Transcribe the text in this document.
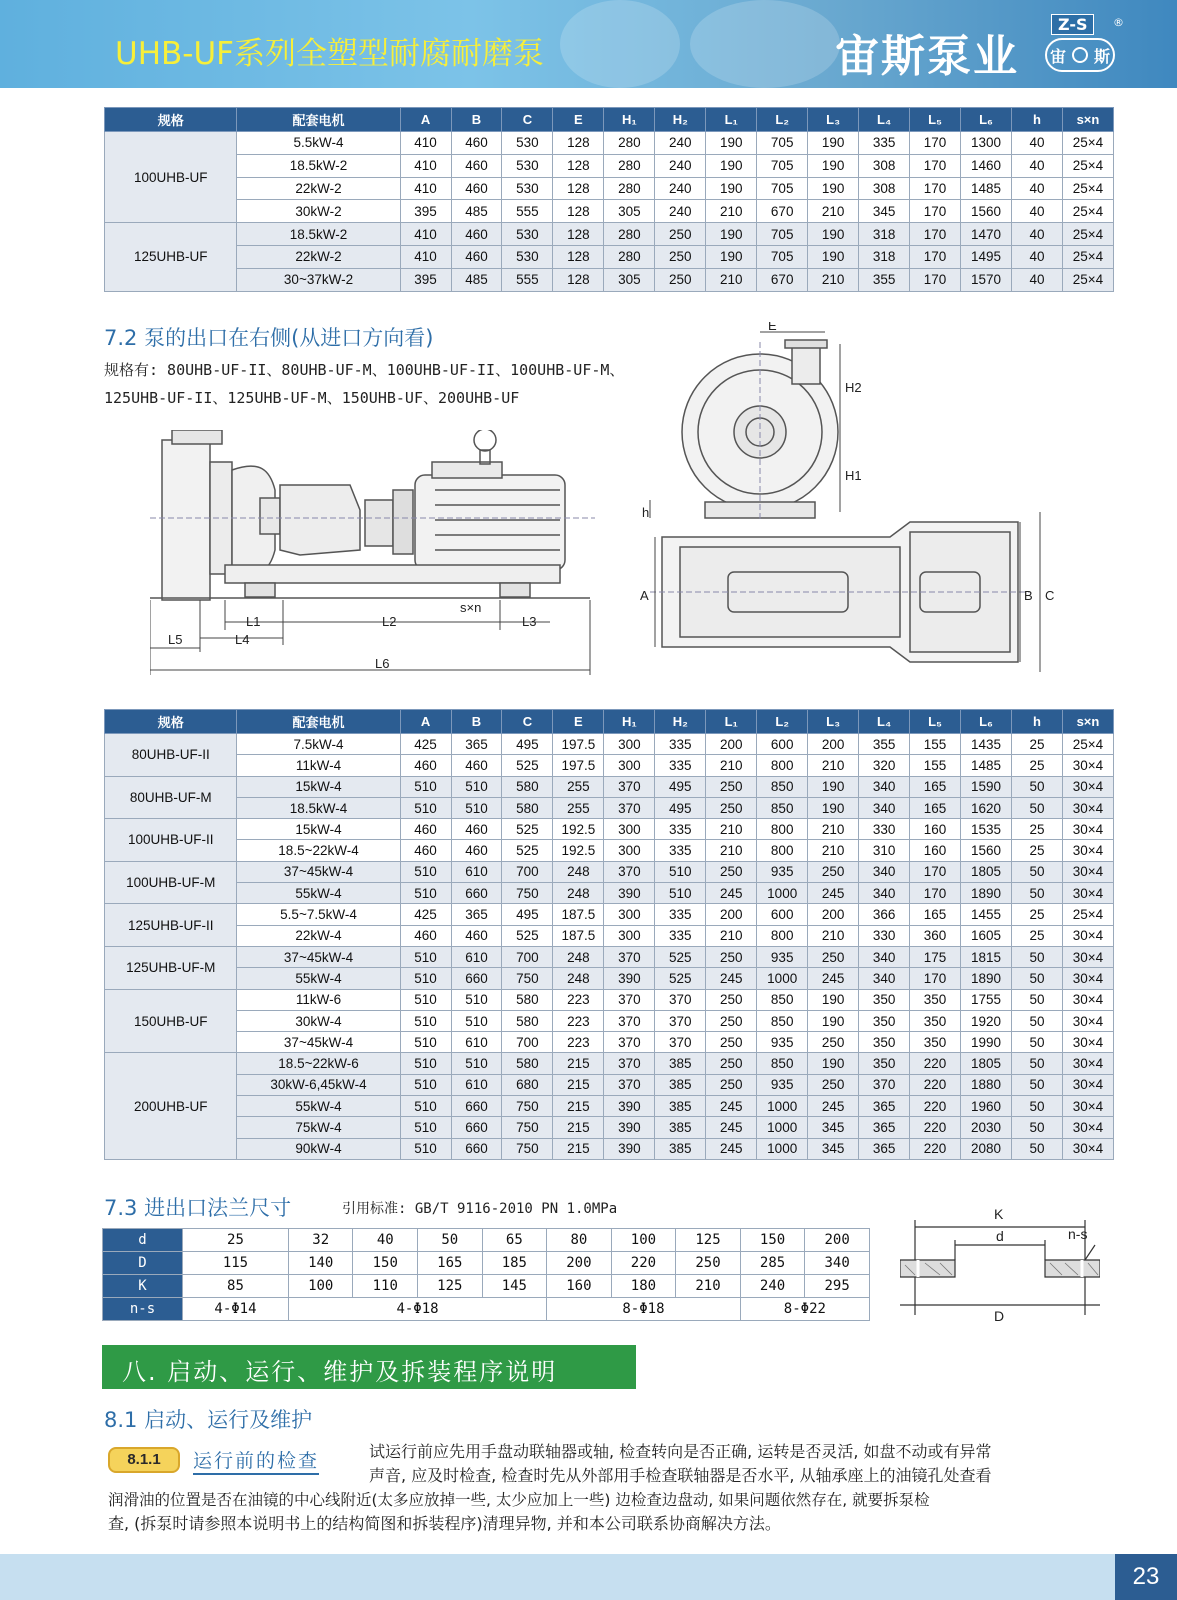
UHB-UF系列全塑型耐腐耐磨泵	宙斯泵业
Z-S	®
宙 斯
规格	配套电机	A	B	C	E	H₁	H₂	L₁	L₂	L₃	L₄	L₅	L₆	h	s×n
100UHB-UF	5.5kW-4	410	460	530	128	280	240	190	705	190	335	170	1300	40	25×4
	18.5kW-2	410	460	530	128	280	240	190	705	190	308	170	1460	40	25×4
	22kW-2	410	460	530	128	280	240	190	705	190	308	170	1485	40	25×4
	30kW-2	395	485	555	128	305	240	210	670	210	345	170	1560	40	25×4
125UHB-UF	18.5kW-2	410	460	530	128	280	250	190	705	190	318	170	1470	40	25×4
	22kW-2	410	460	530	128	280	250	190	705	190	318	170	1495	40	25×4
	30~37kW-2	395	485	555	128	305	250	210	670	210	355	170	1570	40	25×4
7.2 泵的出口在右侧(从进口方向看)
规格有: 80UHB-UF-II、80UHB-UF-M、100UHB-UF-II、100UHB-UF-M、
125UHB-UF-II、125UHB-UF-M、150UHB-UF、200UHB-UF
L1	L2	L3
L4
L5
L6
s×n
E
H2
H1
h
A	B C
规格	配套电机	A	B	C	E	H₁	H₂	L₁	L₂	L₃	L₄	L₅	L₆	h	s×n
80UHB-UF-II	7.5kW-4	425	365	495	197.5	300	335	200	600	200	355	155	1435	25	25×4
	11kW-4	460	460	525	197.5	300	335	210	800	210	320	155	1485	25	30×4
80UHB-UF-M	15kW-4	510	510	580	255	370	495	250	850	190	340	165	1590	50	30×4
	18.5kW-4	510	510	580	255	370	495	250	850	190	340	165	1620	50	30×4
100UHB-UF-II	15kW-4	460	460	525	192.5	300	335	210	800	210	330	160	1535	25	30×4
	18.5~22kW-4	460	460	525	192.5	300	335	210	800	210	310	160	1560	25	30×4
100UHB-UF-M	37~45kW-4	510	610	700	248	370	510	250	935	250	340	170	1805	50	30×4
	55kW-4	510	660	750	248	390	510	245	1000	245	340	170	1890	50	30×4
125UHB-UF-II	5.5~7.5kW-4	425	365	495	187.5	300	335	200	600	200	366	165	1455	25	25×4
	22kW-4	460	460	525	187.5	300	335	210	800	210	330	360	1605	25	30×4
125UHB-UF-M	37~45kW-4	510	610	700	248	370	525	250	935	250	340	175	1815	50	30×4
	55kW-4	510	660	750	248	390	525	245	1000	245	340	170	1890	50	30×4
150UHB-UF	11kW-6	510	510	580	223	370	370	250	850	190	350	350	1755	50	30×4
	30kW-4	510	510	580	223	370	370	250	850	190	350	350	1920	50	30×4
	37~45kW-4	510	610	700	223	370	370	250	935	250	350	350	1990	50	30×4
200UHB-UF	18.5~22kW-6	510	510	580	215	370	385	250	850	190	350	220	1805	50	30×4
	30kW-6,45kW-4	510	610	680	215	370	385	250	935	250	370	220	1880	50	30×4
	55kW-4	510	660	750	215	390	385	245	1000	245	365	220	1960	50	30×4
	75kW-4	510	660	750	215	390	385	245	1000	345	365	220	2030	50	30×4
	90kW-4	510	660	750	215	390	385	245	1000	345	365	220	2080	50	30×4
7.3 进出口法兰尺寸	引用标准: GB/T 9116-2010 PN 1.0MPa
d	25	32	40	50	65	80	100	125	150	200
D	115	140	150	165	185	200	220	250	285	340
K	85	100	110	125	145	160	180	210	240	295
n-s	4-Φ14	4-Φ18				8-Φ18			8-Φ22	
K
d
D
n-s
八. 启动、运行、维护及拆装程序说明
8.1 启动、运行及维护
8.1.1	运行前的检查	试运行前应先用手盘动联轴器或轴, 检查转向是否正确, 运转是否灵活, 如盘不动或有异常
声音, 应及时检查, 检查时先从外部用手检查联轴器是否水平, 从轴承座上的油镜孔处查看
润滑油的位置是否在油镜的中心线附近(太多应放掉一些, 太少应加上一些) 边检查边盘动, 如果问题依然存在, 就要拆泵检
查, (拆泵时请参照本说明书上的结构简图和拆装程序)清理异物, 并和本公司联系协商解决方法。
23
